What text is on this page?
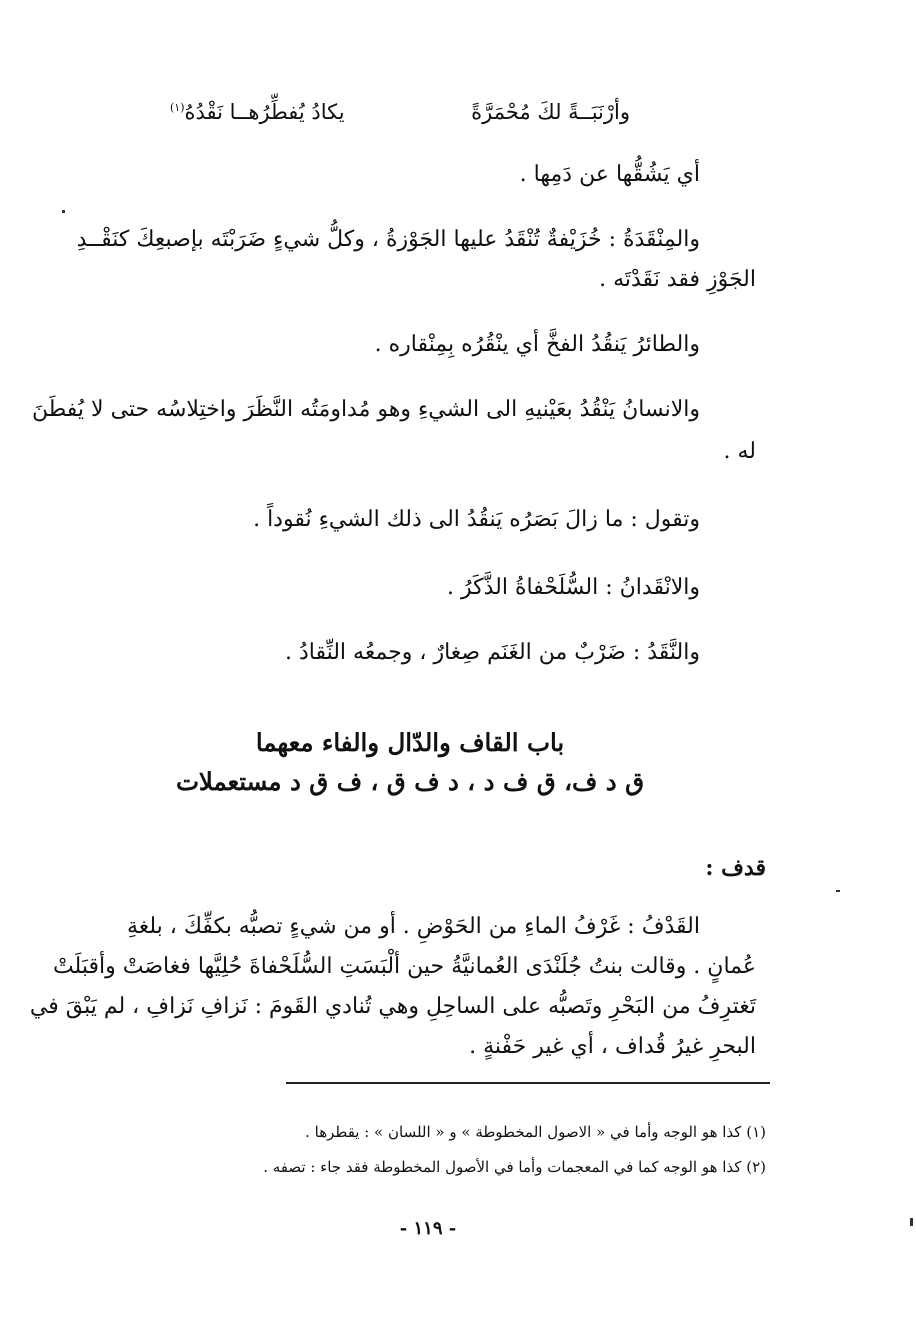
وأرْنَبَــةً لكَ مُحْمَرَّةً
يكادُ يُفطِّرُهــا نَقْدُهُ$^{(١)}$
أي يَشُقُّها عن دَمِها .
والمِنْقَدَةُ : خُزَيْفةٌ تُنْقَدُ عليها الجَوْزةُ ، وكلُّ شيءٍ ضَرَبْتَه بإصبعِكَ كنَقْــدِ
الجَوْزِ فقد نَقَدْتَه .
والطائرُ يَنقُدُ الفخَّ أي ينْقُرُه بِمِنْقاره .
والانسانُ يَنْقُدُ بعَيْنيهِ الى الشيءِ وهو مُداومَتُه النَّظَرَ واختِلاسُه حتى لا يُفطَنَ
له .
وتقول : ما زالَ بَصَرُه يَنقُدُ الى ذلك الشيءِ نُقوداً .
والانْقَدانُ : السُّلَحْفاةُ الذَّكَرُ .
والنَّقَدُ : ضَرْبٌ من الغَنَم صِغارٌ ، وجمعُه النِّقادُ .
باب القاف والدّال والفاء معهما
ق د ف، ق ف د ، د ف ق ، ف ق د مستعملات
قدف :
القَدْفُ : غَرْفُ الماءِ من الحَوْضِ . أو من شيءٍ تصبُّه بكفِّكَ ، بلغةِ
عُمانٍ . وقالت بنتُ جُلَنْدَى العُمانيَّةُ حين ألْبَسَتِ السُّلَحْفاةَ حُلِيَّها فغاصَتْ وأقبَلَتْ
تَغترِفُ من البَحْرِ وتَصبُّه على الساحِلِ وهي تُنادي القَومَ : نَزافِ نَزافِ ، لم يَبْقَ في
البحرِ غيرُ قُداف ، أي غير حَفْنةٍ .
(١) كذا هو الوجه وأما في « الاصول المخطوطة » و « اللسان » : يقطرها .
(٢) كذا هو الوجه كما في المعجمات وأما في الأصول المخطوطة فقد جاء : تصفه .
- ١١٩ -
